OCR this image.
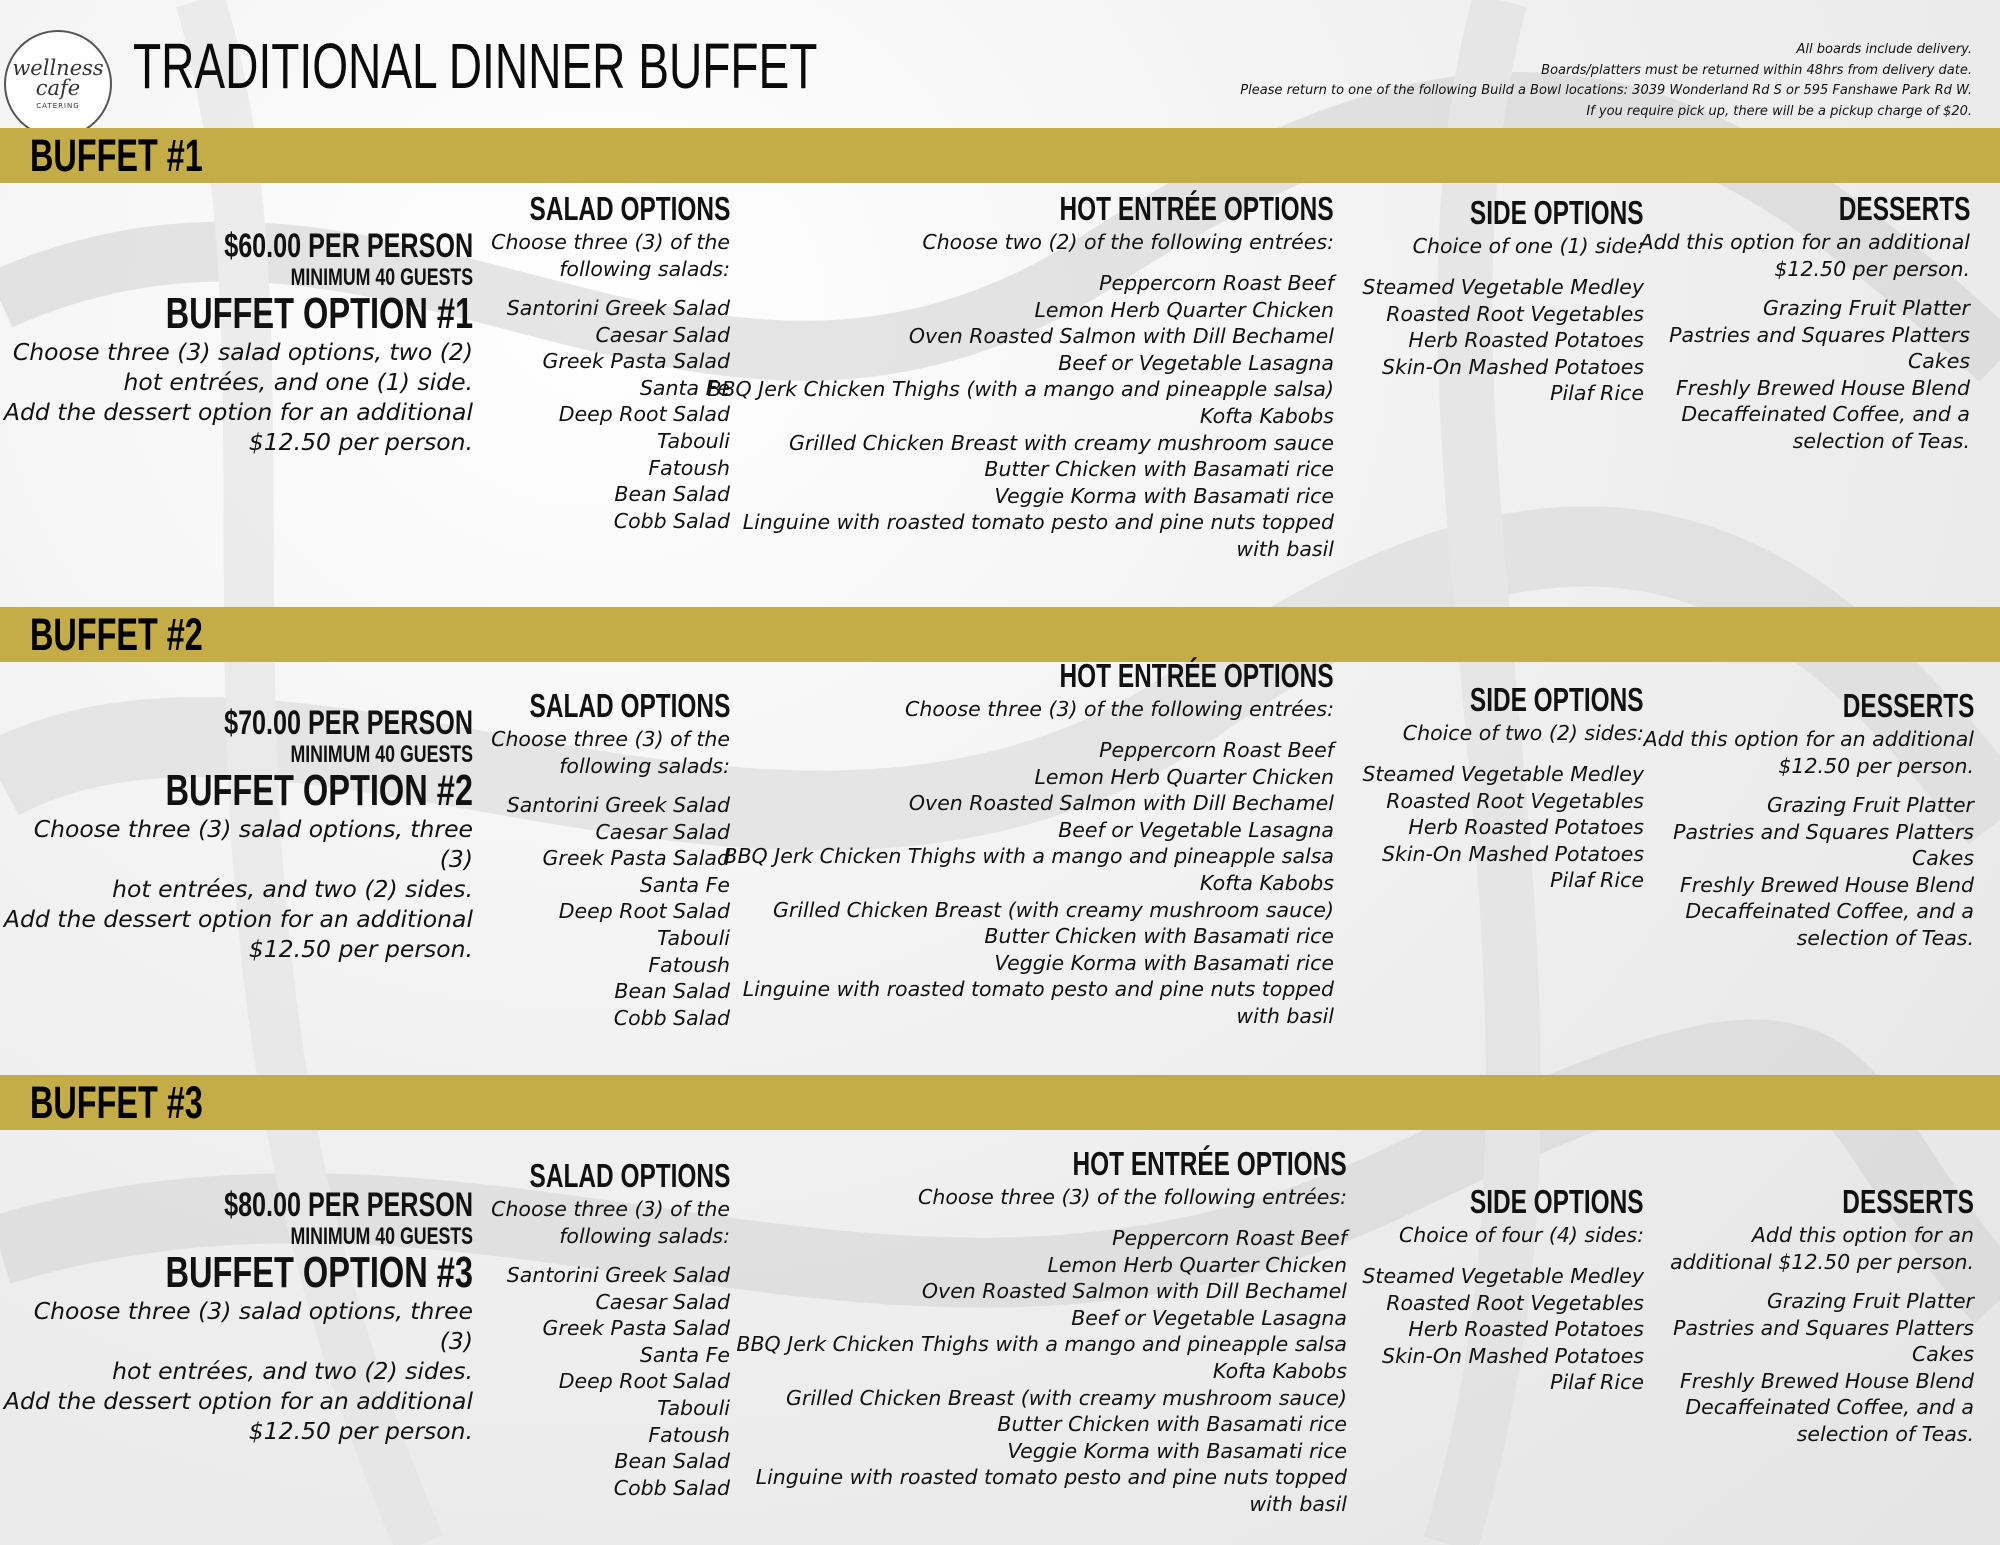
wellness
cafe
CATERING
TRADITIONAL DINNER BUFFET	All boards include delivery.
Boards/platters must be returned within 48hrs from delivery date.
Please return to one of the following Build a Bowl locations: 3039 Wonderland Rd S or 595 Fanshawe Park Rd W.
If you require pick up, there will be a pickup charge of $20.
BUFFET #1
$60.00 PER PERSON
MINIMUM 40 GUESTS
BUFFET OPTION #1
Choose three (3) salad options, two (2)
hot entrées, and one (1) side.
Add the dessert option for an additional
$12.50 per person.
SALAD OPTIONS
Choose three (3) of the
following salads:
Santorini Greek Salad
Caesar Salad
Greek Pasta Salad
Santa Fe
Deep Root Salad
Tabouli
Fatoush
Bean Salad
Cobb Salad
HOT ENTRÉE OPTIONS
Choose two (2) of the following entrées:
Peppercorn Roast Beef
Lemon Herb Quarter Chicken
Oven Roasted Salmon with Dill Bechamel
Beef or Vegetable Lasagna
BBQ Jerk Chicken Thighs (with a mango and pineapple salsa)
Kofta Kabobs
Grilled Chicken Breast with creamy mushroom sauce
Butter Chicken with Basamati rice
Veggie Korma with Basamati rice
Linguine with roasted tomato pesto and pine nuts topped
with basil
SIDE OPTIONS
Choice of one (1) side:
Steamed Vegetable Medley
Roasted Root Vegetables
Herb Roasted Potatoes
Skin-On Mashed Potatoes
Pilaf Rice
DESSERTS
Add this option for an additional
$12.50 per person.
Grazing Fruit Platter
Pastries and Squares Platters
Cakes
Freshly Brewed House Blend
Decaffeinated Coffee, and a
selection of Teas.
BUFFET #2
$70.00 PER PERSON
MINIMUM 40 GUESTS
BUFFET OPTION #2
Choose three (3) salad options, three (3)
hot entrées, and two (2) sides.
Add the dessert option for an additional
$12.50 per person.
SALAD OPTIONS
Choose three (3) of the
following salads:
Santorini Greek Salad
Caesar Salad
Greek Pasta Salad
Santa Fe
Deep Root Salad
Tabouli
Fatoush
Bean Salad
Cobb Salad
HOT ENTRÉE OPTIONS
Choose three (3) of the following entrées:
Peppercorn Roast Beef
Lemon Herb Quarter Chicken
Oven Roasted Salmon with Dill Bechamel
Beef or Vegetable Lasagna
BBQ Jerk Chicken Thighs with a mango and pineapple salsa
Kofta Kabobs
Grilled Chicken Breast (with creamy mushroom sauce)
Butter Chicken with Basamati rice
Veggie Korma with Basamati rice
Linguine with roasted tomato pesto and pine nuts topped
with basil
SIDE OPTIONS
Choice of two (2) sides:
Steamed Vegetable Medley
Roasted Root Vegetables
Herb Roasted Potatoes
Skin-On Mashed Potatoes
Pilaf Rice
DESSERTS
Add this option for an additional
$12.50 per person.
Grazing Fruit Platter
Pastries and Squares Platters
Cakes
Freshly Brewed House Blend
Decaffeinated Coffee, and a
selection of Teas.
BUFFET #3
$80.00 PER PERSON
MINIMUM 40 GUESTS
BUFFET OPTION #3
Choose three (3) salad options, three (3)
hot entrées, and two (2) sides.
Add the dessert option for an additional
$12.50 per person.
SALAD OPTIONS
Choose three (3) of the
following salads:
Santorini Greek Salad
Caesar Salad
Greek Pasta Salad
Santa Fe
Deep Root Salad
Tabouli
Fatoush
Bean Salad
Cobb Salad
HOT ENTRÉE OPTIONS
Choose three (3) of the following entrées:
Peppercorn Roast Beef
Lemon Herb Quarter Chicken
Oven Roasted Salmon with Dill Bechamel
Beef or Vegetable Lasagna
BBQ Jerk Chicken Thighs with a mango and pineapple salsa
Kofta Kabobs
Grilled Chicken Breast (with creamy mushroom sauce)
Butter Chicken with Basamati rice
Veggie Korma with Basamati rice
Linguine with roasted tomato pesto and pine nuts topped
with basil
SIDE OPTIONS
Choice of four (4) sides:
Steamed Vegetable Medley
Roasted Root Vegetables
Herb Roasted Potatoes
Skin-On Mashed Potatoes
Pilaf Rice
DESSERTS
Add this option for an
additional $12.50 per person.
Grazing Fruit Platter
Pastries and Squares Platters
Cakes
Freshly Brewed House Blend
Decaffeinated Coffee, and a
selection of Teas.
